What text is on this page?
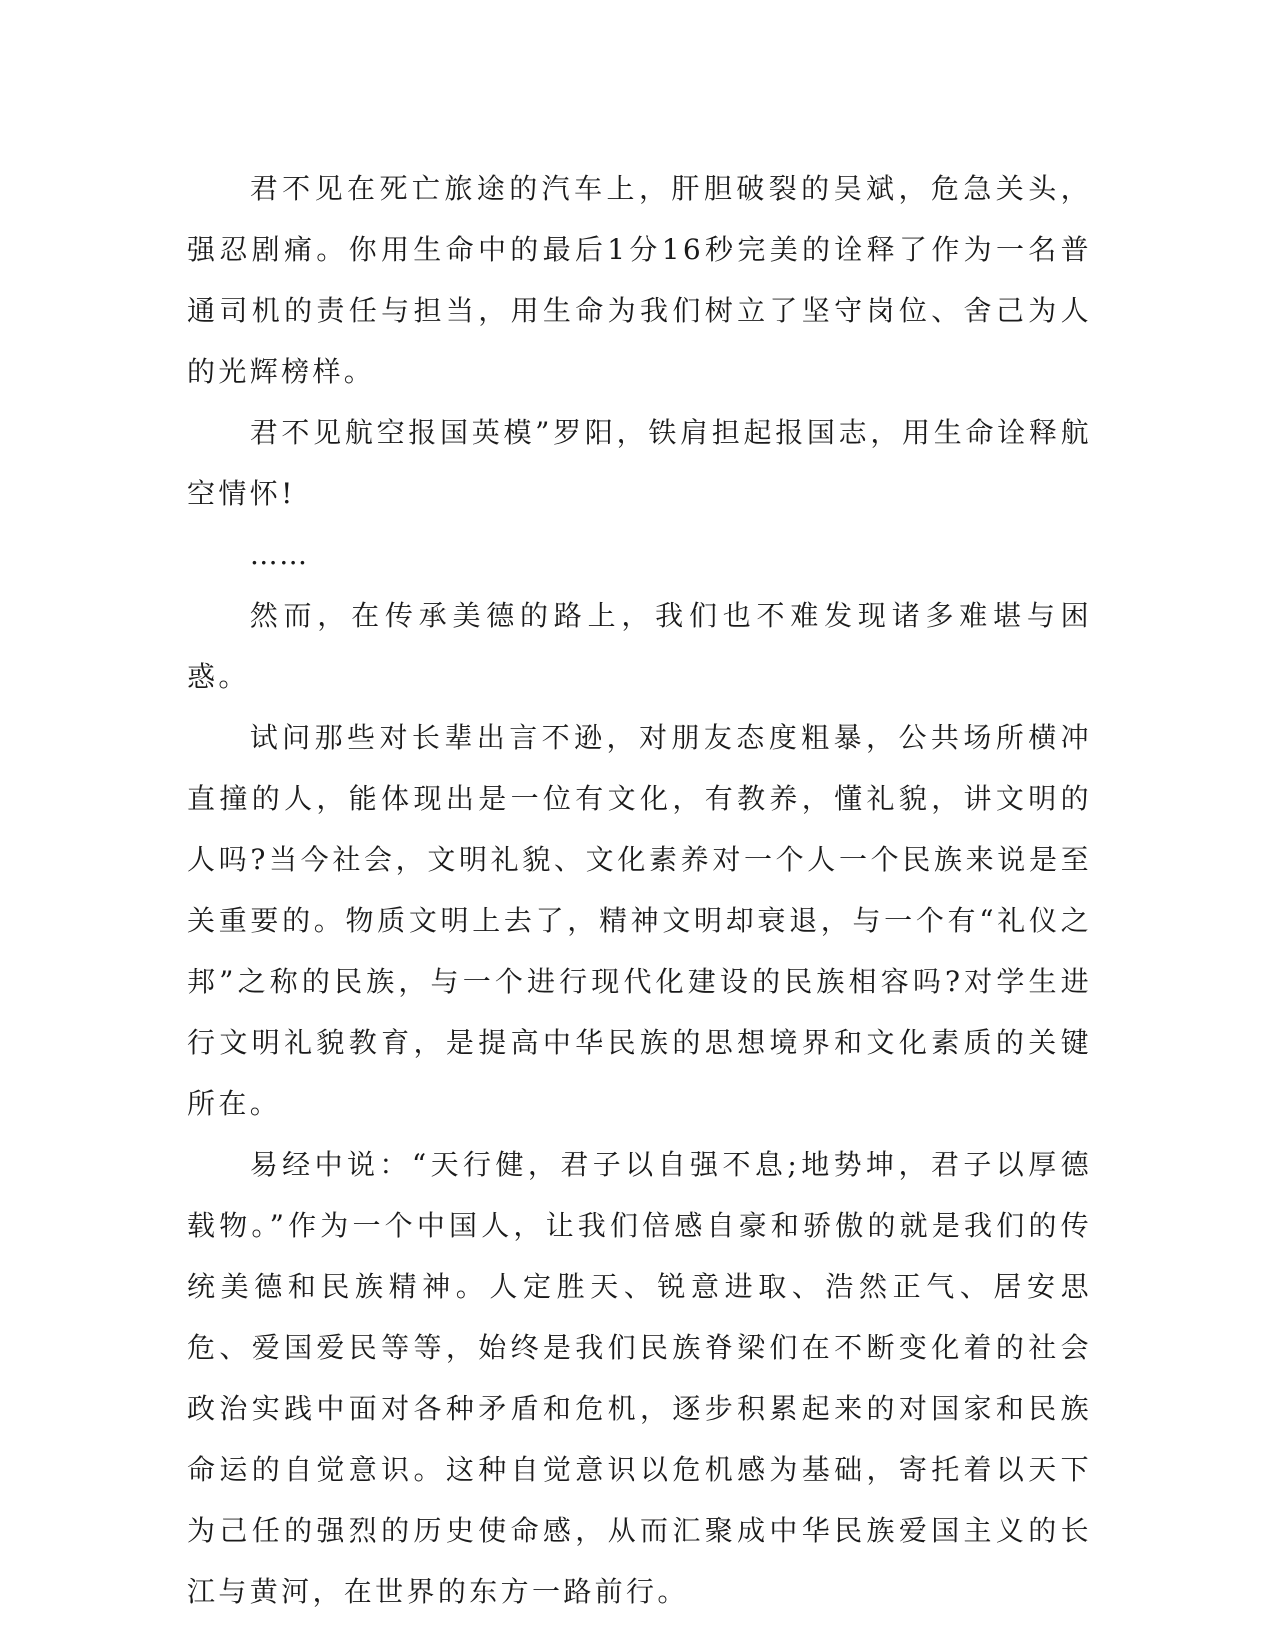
君不见在死亡旅途的汽车上，肝胆破裂的吴斌，危急关头，强忍剧痛。你用生命中的最后1分16秒完美的诠释了作为一名普通司机的责任与担当，用生命为我们树立了坚守岗位、舍己为人的光辉榜样。

君不见航空报国英模”罗阳，铁肩担起报国志，用生命诠释航空情怀!

……

然而，在传承美德的路上，我们也不难发现诸多难堪与困惑。

试问那些对长辈出言不逊，对朋友态度粗暴，公共场所横冲直撞的人，能体现出是一位有文化，有教养，懂礼貌，讲文明的人吗?当今社会，文明礼貌、文化素养对一个人一个民族来说是至关重要的。物质文明上去了，精神文明却衰退，与一个有“礼仪之邦”之称的民族，与一个进行现代化建设的民族相容吗?对学生进行文明礼貌教育，是提高中华民族的思想境界和文化素质的关键所在。

易经中说：“天行健，君子以自强不息;地势坤，君子以厚德载物。”作为一个中国人，让我们倍感自豪和骄傲的就是我们的传统美德和民族精神。人定胜天、锐意进取、浩然正气、居安思危、爱国爱民等等，始终是我们民族脊梁们在不断变化着的社会政治实践中面对各种矛盾和危机，逐步积累起来的对国家和民族命运的自觉意识。这种自觉意识以危机感为基础，寄托着以天下为己任的强烈的历史使命感，从而汇聚成中华民族爱国主义的长江与黄河，在世界的东方一路前行。
